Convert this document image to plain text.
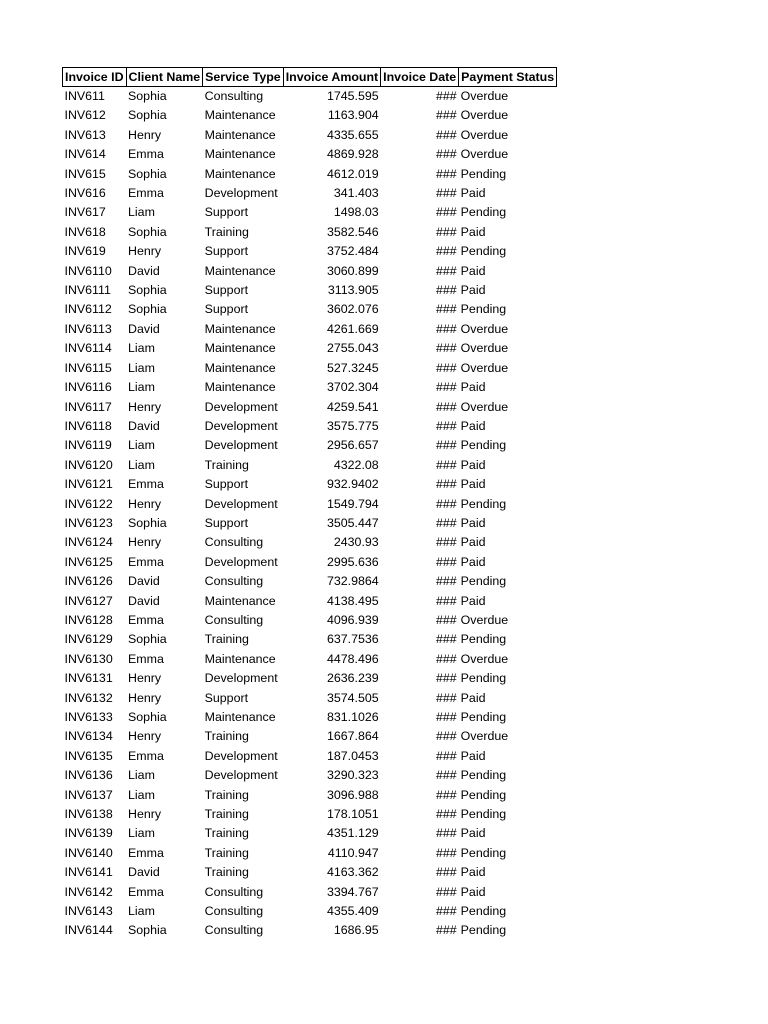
Invoice ID	Client Name	Service Type	Invoice Amount	Invoice Date	Payment Status
INV611	Sophia	Consulting	1745.595	###	Overdue
INV612	Sophia	Maintenance	1163.904	###	Overdue
INV613	Henry	Maintenance	4335.655	###	Overdue
INV614	Emma	Maintenance	4869.928	###	Overdue
INV615	Sophia	Maintenance	4612.019	###	Pending
INV616	Emma	Development	341.403	###	Paid
INV617	Liam	Support	1498.03	###	Pending
INV618	Sophia	Training	3582.546	###	Paid
INV619	Henry	Support	3752.484	###	Pending
INV6110	David	Maintenance	3060.899	###	Paid
INV6111	Sophia	Support	3113.905	###	Paid
INV6112	Sophia	Support	3602.076	###	Pending
INV6113	David	Maintenance	4261.669	###	Overdue
INV6114	Liam	Maintenance	2755.043	###	Overdue
INV6115	Liam	Maintenance	527.3245	###	Overdue
INV6116	Liam	Maintenance	3702.304	###	Paid
INV6117	Henry	Development	4259.541	###	Overdue
INV6118	David	Development	3575.775	###	Paid
INV6119	Liam	Development	2956.657	###	Pending
INV6120	Liam	Training	4322.08	###	Paid
INV6121	Emma	Support	932.9402	###	Paid
INV6122	Henry	Development	1549.794	###	Pending
INV6123	Sophia	Support	3505.447	###	Paid
INV6124	Henry	Consulting	2430.93	###	Paid
INV6125	Emma	Development	2995.636	###	Paid
INV6126	David	Consulting	732.9864	###	Pending
INV6127	David	Maintenance	4138.495	###	Paid
INV6128	Emma	Consulting	4096.939	###	Overdue
INV6129	Sophia	Training	637.7536	###	Pending
INV6130	Emma	Maintenance	4478.496	###	Overdue
INV6131	Henry	Development	2636.239	###	Pending
INV6132	Henry	Support	3574.505	###	Paid
INV6133	Sophia	Maintenance	831.1026	###	Pending
INV6134	Henry	Training	1667.864	###	Overdue
INV6135	Emma	Development	187.0453	###	Paid
INV6136	Liam	Development	3290.323	###	Pending
INV6137	Liam	Training	3096.988	###	Pending
INV6138	Henry	Training	178.1051	###	Pending
INV6139	Liam	Training	4351.129	###	Paid
INV6140	Emma	Training	4110.947	###	Pending
INV6141	David	Training	4163.362	###	Paid
INV6142	Emma	Consulting	3394.767	###	Paid
INV6143	Liam	Consulting	4355.409	###	Pending
INV6144	Sophia	Consulting	1686.95	###	Pending
